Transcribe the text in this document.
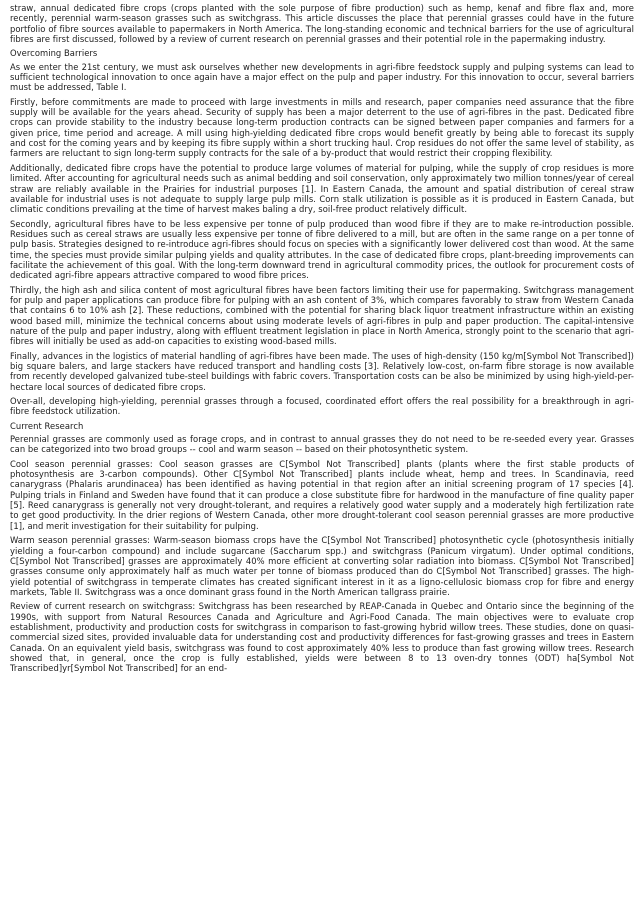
straw, annual dedicated fibre crops (crops planted with the sole purpose of fibre production) such as hemp, kenaf and fibre flax and, more recently, perennial warm-season grasses such as switchgrass. This article discusses the place that perennial grasses could have in the future portfolio of fibre sources available to papermakers in North America. The long-standing economic and technical barriers for the use of agricultural fibres are first discussed, followed by a review of current research on perennial grasses and their potential role in the papermaking industry.

Overcoming Barriers

As we enter the 21st century, we must ask ourselves whether new developments in agri-fibre feedstock supply and pulping systems can lead to sufficient technological innovation to once again have a major effect on the pulp and paper industry. For this innovation to occur, several barriers must be addressed, Table I.

Firstly, before commitments are made to proceed with large investments in mills and research, paper companies need assurance that the fibre supply will be available for the years ahead. Security of supply has been a major deterrent to the use of agri-fibres in the past. Dedicated fibre crops can provide stability to the industry because long-term production contracts can be signed between paper companies and farmers for a given price, time period and acreage. A mill using high-yielding dedicated fibre crops would benefit greatly by being able to forecast its supply and cost for the coming years and by keeping its fibre supply within a short trucking haul. Crop residues do not offer the same level of stability, as farmers are reluctant to sign long-term supply contracts for the sale of a by-product that would restrict their cropping flexibility.

Additionally, dedicated fibre crops have the potential to produce large volumes of material for pulping, while the supply of crop residues is more limited. After accounting for agricultural needs such as animal bedding and soil conservation, only approximately two million tonnes/year of cereal straw are reliably available in the Prairies for industrial purposes [1]. In Eastern Canada, the amount and spatial distribution of cereal straw available for industrial uses is not adequate to supply large pulp mills. Corn stalk utilization is possible as it is produced in Eastern Canada, but climatic conditions prevailing at the time of harvest makes baling a dry, soil-free product relatively difficult.

Secondly, agricultural fibres have to be less expensive per tonne of pulp produced than wood fibre if they are to make re-introduction possible. Residues such as cereal straws are usually less expensive per tonne of fibre delivered to a mill, but are often in the same range on a per tonne of pulp basis. Strategies designed to re-introduce agri-fibres should focus on species with a significantly lower delivered cost than wood. At the same time, the species must provide similar pulping yields and quality attributes. In the case of dedicated fibre crops, plant-breeding improvements can facilitate the achievement of this goal. With the long-term downward trend in agricultural commodity prices, the outlook for procurement costs of dedicated agri-fibre appears attractive compared to wood fibre prices.

Thirdly, the high ash and silica content of most agricultural fibres have been factors limiting their use for papermaking. Switchgrass management for pulp and paper applications can produce fibre for pulping with an ash content of 3%, which compares favorably to straw from Western Canada that contains 6 to 10% ash [2]. These reductions, combined with the potential for sharing black liquor treatment infrastructure within an existing wood based mill, minimize the technical concerns about using moderate levels of agri-fibres in pulp and paper production. The capital-intensive nature of the pulp and paper industry, along with effluent treatment legislation in place in North America, strongly point to the scenario that agri-fibres will initially be used as add-on capacities to existing wood-based mills.

Finally, advances in the logistics of material handling of agri-fibres have been made. The uses of high-density (150 kg/m[Symbol Not Transcribed]) big square balers, and large stackers have reduced transport and handling costs [3]. Relatively low-cost, on-farm fibre storage is now available from recently developed galvanized tube-steel buildings with fabric covers. Transportation costs can be also be minimized by using high-yield-per-hectare local sources of dedicated fibre crops.

Over-all, developing high-yielding, perennial grasses through a focused, coordinated effort offers the real possibility for a breakthrough in agri-fibre feedstock utilization.

Current Research

Perennial grasses are commonly used as forage crops, and in contrast to annual grasses they do not need to be re-seeded every year. Grasses can be categorized into two broad groups -- cool and warm season -- based on their photosynthetic system.

Cool season perennial grasses: Cool season grasses are C[Symbol Not Transcribed] plants (plants where the first stable products of photosynthesis are 3-carbon compounds). Other C[Symbol Not Transcribed] plants include wheat, hemp and trees. In Scandinavia, reed canarygrass (Phalaris arundinacea) has been identified as having potential in that region after an initial screening program of 17 species [4]. Pulping trials in Finland and Sweden have found that it can produce a close substitute fibre for hardwood in the manufacture of fine quality paper [5]. Reed canarygrass is generally not very drought-tolerant, and requires a relatively good water supply and a moderately high fertilization rate to get good productivity. In the drier regions of Western Canada, other more drought-tolerant cool season perennial grasses are more productive [1], and merit investigation for their suitability for pulping.

Warm season perennial grasses: Warm-season biomass crops have the C[Symbol Not Transcribed] photosynthetic cycle (photosynthesis initially yielding a four-carbon compound) and include sugarcane (Saccharum spp.) and switchgrass (Panicum virgatum). Under optimal conditions, C[Symbol Not Transcribed] grasses are approximately 40% more efficient at converting solar radiation into biomass. C[Symbol Not Transcribed] grasses consume only approximately half as much water per tonne of biomass produced than do C[Symbol Not Transcribed] grasses. The high-yield potential of switchgrass in temperate climates has created significant interest in it as a ligno-cellulosic biomass crop for fibre and energy markets, Table II. Switchgrass was a once dominant grass found in the North American tallgrass prairie.

Review of current research on switchgrass: Switchgrass has been researched by REAP-Canada in Quebec and Ontario since the beginning of the 1990s, with support from Natural Resources Canada and Agriculture and Agri-Food Canada. The main objectives were to evaluate crop establishment, productivity and production costs for switchgrass in comparison to fast-growing hybrid willow trees. These studies, done on quasi-commercial sized sites, provided invaluable data for understanding cost and productivity differences for fast-growing grasses and trees in Eastern Canada. On an equivalent yield basis, switchgrass was found to cost approximately 40% less to produce than fast growing willow trees. Research showed that, in general, once the crop is fully established, yields were between 8 to 13 oven-dry tonnes (ODT) ha[Symbol Not Transcribed]yr[Symbol Not Transcribed] for an end-
